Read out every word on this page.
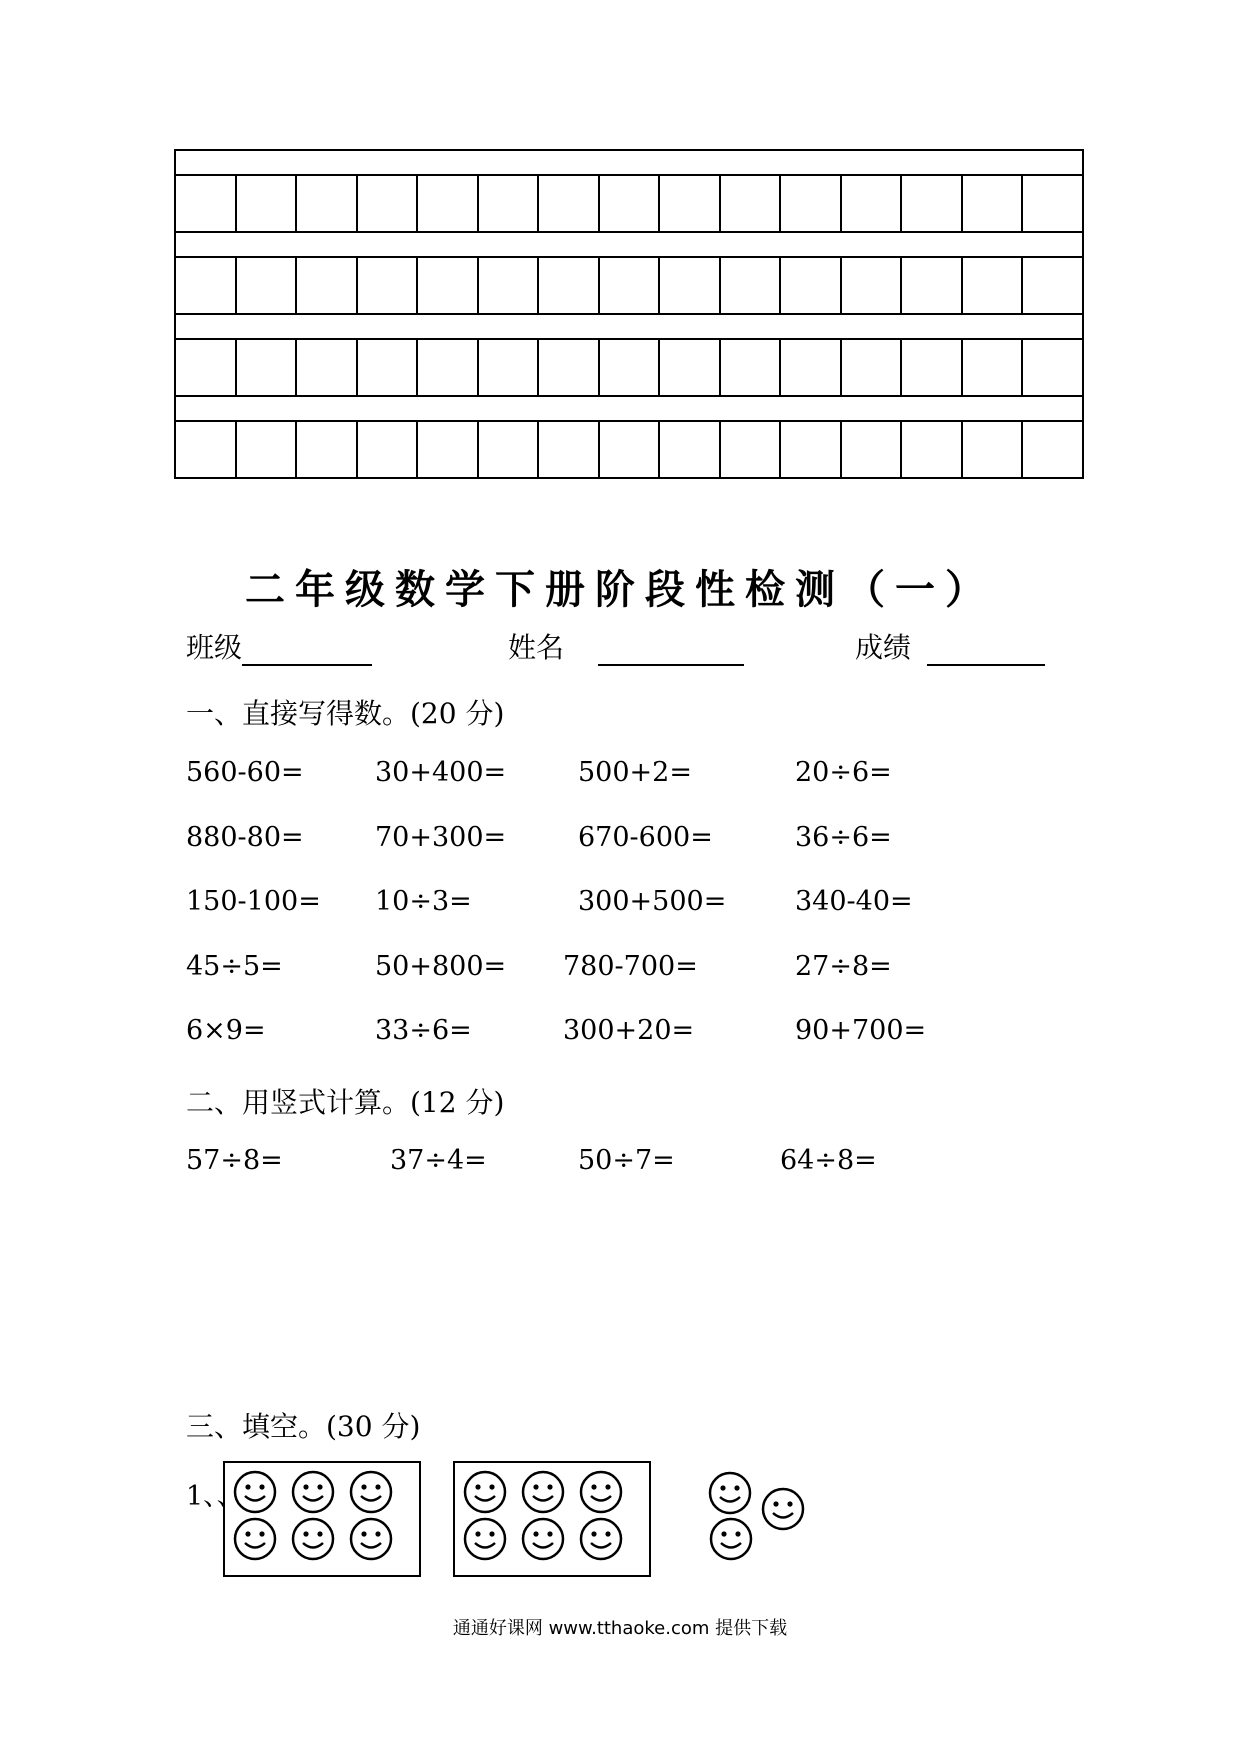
二年级数学下册阶段性检测（一）
班级	姓名	成绩
一、直接写得数。(20 分)
560-60=	30+400=	500+2=	20÷6=
880-80=	70+300=	670-600=	36÷6=
150-100= 10÷3=	300+500=	340-40=
45÷5=	50+800= 780-700=	27÷8=
6×9=	33÷6=	300+20=	90+700=
二、用竖式计算。(12 分)
57÷8=	37÷4=	50÷7=	64÷8=
三、填空。(30 分)
1、、
通通好课网 www.tthaoke.com 提供下载
